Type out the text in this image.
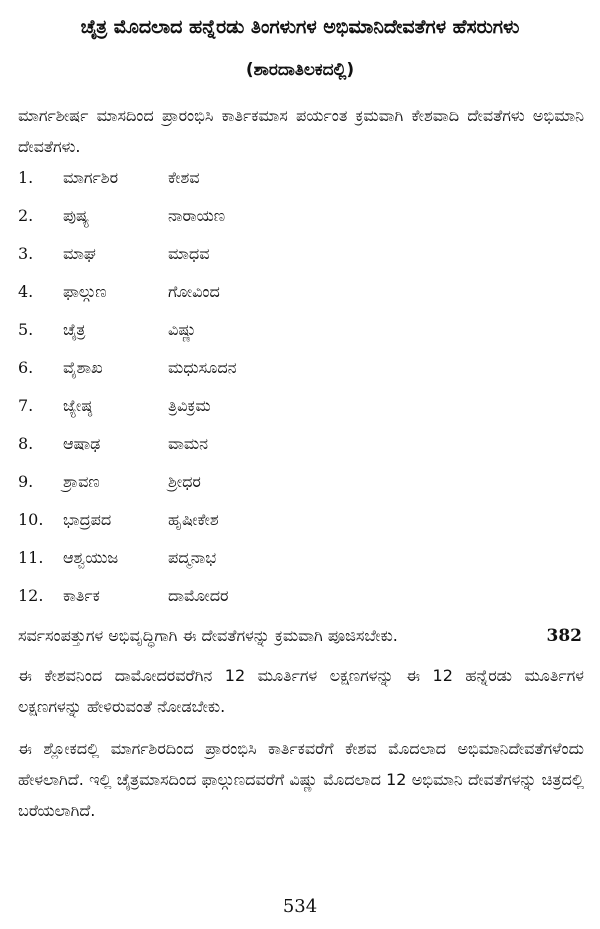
ಚೈತ್ರ ಮೊದಲಾದ ಹನ್ನೆರಡು ತಿಂಗಳುಗಳ ಅಭಿಮಾನಿದೇವತೆಗಳ ಹೆಸರುಗಳು
(ಶಾರದಾತಿಲಕದಲ್ಲಿ)
ಮಾರ್ಗಶೀರ್ಷ ಮಾಸದಿಂದ ಪ್ರಾರಂಭಿಸಿ ಕಾರ್ತಿಕಮಾಸ ಪರ್ಯಂತ ಕ್ರಮವಾಗಿ ಕೇಶವಾದಿ ದೇವತೆಗಳು ಅಭಿಮಾನಿ ದೇವತೆಗಳು.
1. ಮಾರ್ಗಶಿರ	ಕೇಶವ
2. ಪುಷ್ಯ	ನಾರಾಯಣ
3. ಮಾಘ	ಮಾಧವ
4. ಫಾಲ್ಗುಣ	ಗೋವಿಂದ
5. ಚೈತ್ರ	ವಿಷ್ಣು
6. ವೈಶಾಖ	ಮಧುಸೂದನ
7. ಜ್ಯೇಷ್ಠ	ತ್ರಿವಿಕ್ರಮ
8. ಆಷಾಢ	ವಾಮನ
9. ಶ್ರಾವಣ	ಶ್ರೀಧರ
10. ಭಾದ್ರಪದ	ಹೃಷೀಕೇಶ
11. ಆಶ್ವಯುಜ	ಪದ್ಮನಾಭ
12. ಕಾರ್ತಿಕ	ದಾಮೋದರ
ಸರ್ವಸಂಪತ್ತುಗಳ ಅಭಿವೃದ್ಧಿಗಾಗಿ ಈ ದೇವತೆಗಳನ್ನು ಕ್ರಮವಾಗಿ ಪೂಜಿಸಬೇಕು.	382
ಈ ಕೇಶವನಿಂದ ದಾಮೋದರವರೆಗಿನ 12 ಮೂರ್ತಿಗಳ ಲಕ್ಷಣಗಳನ್ನು ಈ 12 ಹನ್ನೆರಡು ಮೂರ್ತಿಗಳ ಲಕ್ಷಣಗಳನ್ನು ಹೇಳಿರುವಂತೆ ನೋಡಬೇಕು.
ಈ ಶ್ಲೋಕದಲ್ಲಿ ಮಾರ್ಗಶಿರದಿಂದ ಪ್ರಾರಂಭಿಸಿ ಕಾರ್ತಿಕವರೆಗೆ ಕೇಶವ ಮೊದಲಾದ ಅಭಿಮಾನಿದೇವತೆಗಳೆಂದು ಹೇಳಲಾಗಿದೆ. ಇಲ್ಲಿ ಚೈತ್ರಮಾಸದಿಂದ ಫಾಲ್ಗುಣದವರೆಗೆ ವಿಷ್ಣು ಮೊದಲಾದ 12 ಅಭಿಮಾನಿ ದೇವತೆಗಳನ್ನು ಚಿತ್ರದಲ್ಲಿ ಬರೆಯಲಾಗಿದೆ.
534
